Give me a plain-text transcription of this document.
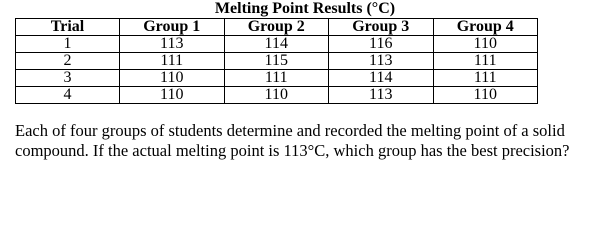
Melting Point Results (°C)
Trial	Group 1	Group 2	Group 3	Group 4
1	113	114	116	110
2	111	115	113	111
3	110	111	114	111
4	110	110	113	110
Each of four groups of students determine and recorded the melting point of a solid
compound. If the actual melting point is 113°C, which group has the best precision?
